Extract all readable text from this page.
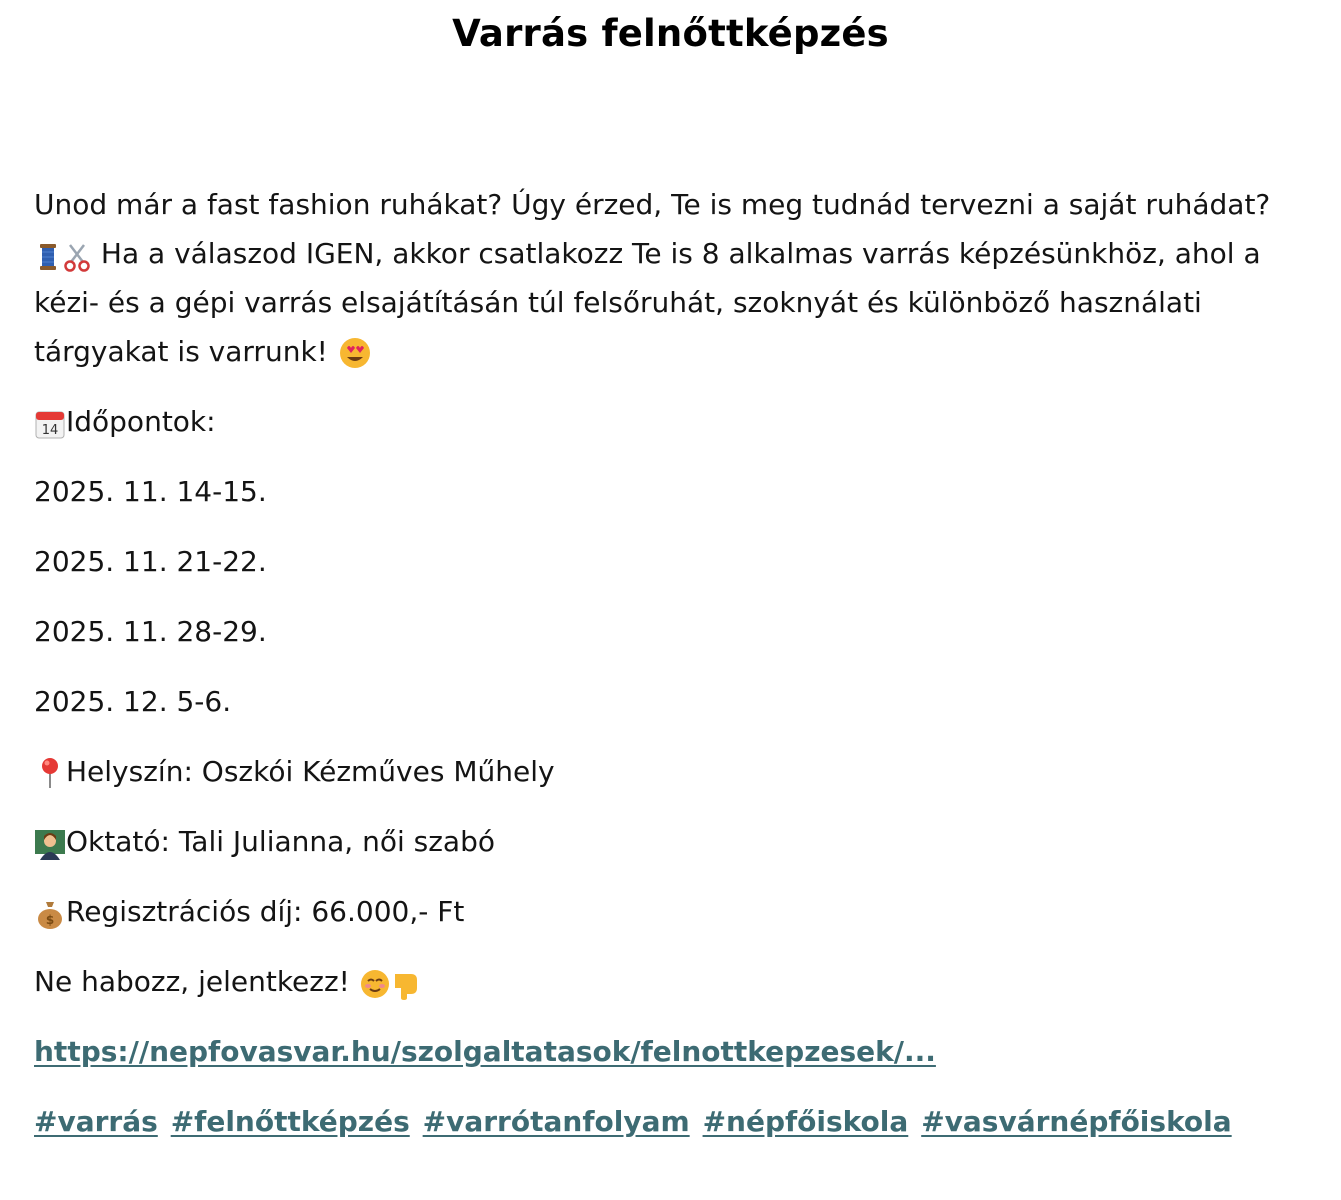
Varrás felnőttképzés

Unod már a fast fashion ruhákat? Úgy érzed, Te is meg tudnád tervezni a saját ruhádat?
Ha a válaszod IGEN, akkor csatlakozz Te is 8 alkalmas varrás képzésünkhöz, ahol a kézi- és a gépi varrás elsajátításán túl felsőruhát, szoknyát és különböző használati tárgyakat is varrunk!

14 Időpontok:
2025. 11. 14-15.
2025. 11. 21-22.
2025. 11. 28-29.
2025. 12. 5-6.
Helyszín: Oszkói Kézműves Műhely
Oktató: Tali Julianna, női szabó
$ Regisztrációs díj: 66.000,- Ft
Ne habozz, jelentkezz!
https://nepfovasvar.hu/szolgaltatasok/felnottkepzesek/...
#varrás #felnőttképzés #varrótanfolyam #népfőiskola #vasvárnépfőiskola
